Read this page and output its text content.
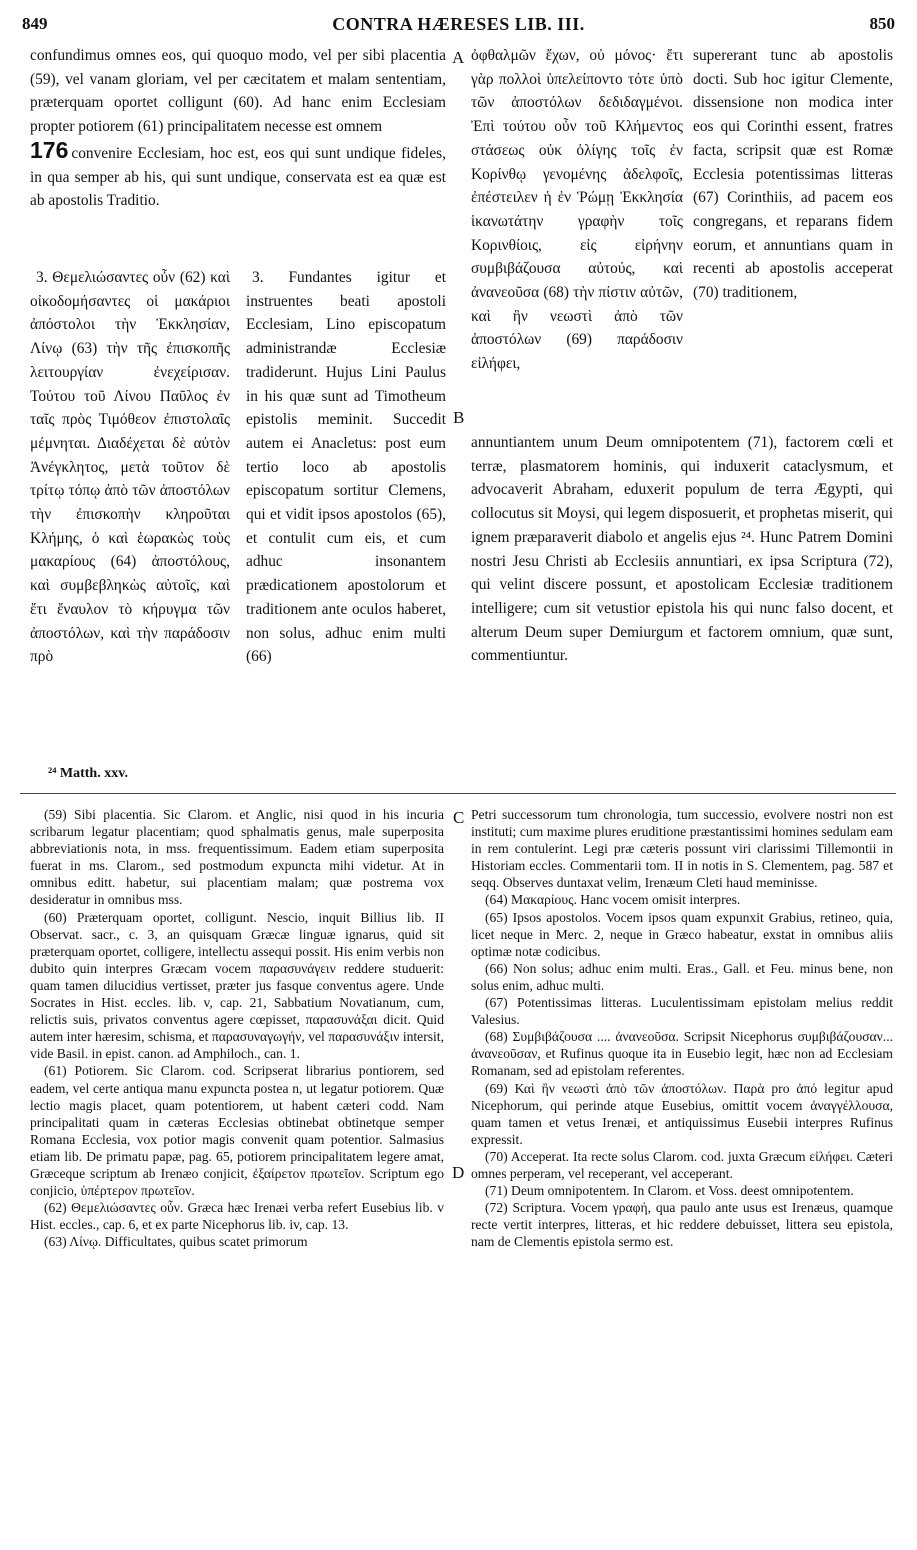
849	CONTRA HÆRESES LIB. III.	850
A
B
C
D

confundimus omnes eos, qui quoquo modo, vel per sibi placentia (59), vel vanam gloriam, vel per cæcitatem et malam sententiam, præterquam oportet colligunt (60). Ad hanc enim Ecclesiam propter potiorem (61) principalitatem necesse est omnem

176 convenire Ecclesiam, hoc est, eos qui sunt undique fideles, in qua semper ab his, qui sunt undique, conservata est ea quæ est ab apostolis Traditio.

3. Θεμελιώσαντες οὖν (62) καὶ οἰκοδομήσαντες οἱ μακάριοι ἀπόστολοι τὴν Ἐκκλησίαν, Λίνῳ (63) τὴν τῆς ἐπισκοπῆς λειτουργίαν ἐνεχείρισαν. Τούτου τοῦ Λίνου Παῦλος ἐν ταῖς πρὸς Τιμόθεον ἐπιστολαῖς μέμνηται. Διαδέχεται δὲ αὐτὸν Ἀνέγκλητος, μετὰ τοῦτον δὲ τρίτῳ τόπῳ ἀπὸ τῶν ἀποστόλων τὴν ἐπισκοπὴν κληροῦται Κλήμης, ὁ καὶ ἑωρακὼς τοὺς μακαρίους (64) ἀποστόλους, καὶ συμβεβληκὼς αὐτοῖς, καὶ ἔτι ἔναυλον τὸ κήρυγμα τῶν ἀποστόλων, καὶ τὴν παράδοσιν πρὸ
3. Fundantes igitur et instruentes beati apostoli Ecclesiam, Lino episcopatum administrandæ Ecclesiæ tradiderunt. Hujus Lini Paulus in his quæ sunt ad Timotheum epistolis meminit. Succedit autem ei Anacletus: post eum tertio loco ab apostolis episcopatum sortitur Clemens, qui et vidit ipsos apostolos (65), et contulit cum eis, et cum adhuc insonantem prædicationem apostolorum et traditionem ante oculos haberet, non solus, adhuc enim multi (66)
ὀφθαλμῶν ἔχων, οὐ μόνος· ἔτι γὰρ πολλοὶ ὑπελείποντο τότε ὑπὸ τῶν ἀποστόλων δεδιδαγμένοι. Ἐπὶ τούτου οὖν τοῦ Κλήμεντος στάσεως οὐκ ὀλίγης τοῖς ἐν Κορίνθῳ γενομένης ἀδελφοῖς, ἐπέστειλεν ἡ ἐν Ῥώμῃ Ἐκκλησία ἱκανωτάτην γραφὴν τοῖς Κορινθίοις, εἰς εἰρήνην συμβιβάζουσα αὐτούς, καὶ ἀνανεοῦσα (68) τὴν πίστιν αὐτῶν, καὶ ἣν νεωστὶ ἀπὸ τῶν ἀποστόλων (69) παράδοσιν εἰλήφει,
supererant tunc ab apostolis docti. Sub hoc igitur Clemente, dissensione non modica inter eos qui Corinthi essent, fratres facta, scripsit quæ est Romæ Ecclesia potentissimas litteras (67) Corinthiis, ad pacem eos congregans, et reparans fidem eorum, et annuntians quam in recenti ab apostolis acceperat (70) traditionem,
annuntiantem unum Deum omnipotentem (71), factorem cœli et terræ, plasmatorem hominis, qui induxerit cataclysmum, et advocaverit Abraham, eduxerit populum de terra Ægypti, qui collocutus sit Moysi, qui legem disposuerit, et prophetas miserit, qui ignem præparaverit diabolo et angelis ejus ²⁴. Hunc Patrem Domini nostri Jesu Christi ab Ecclesiis annuntiari, ex ipsa Scriptura (72), qui velint discere possunt, et apostolicam Ecclesiæ traditionem intelligere; cum sit vetustior epistola his qui nunc falso docent, et alterum Deum super Demiurgum et factorem omnium, quæ sunt, commentiuntur.
²⁴ Matth. xxv.

(59) Sibi placentia. Sic Clarom. et Anglic, nisi quod in his incuria scribarum legatur placentiam; quod sphalmatis genus, male superposita abbreviationis nota, in mss. frequentissimum. Eadem etiam superposita fuerat in ms. Clarom., sed postmodum expuncta mihi videtur. At in omnibus editt. habetur, sui placentiam malam; quæ postrema vox desideratur in omnibus mss.

(60) Præterquam oportet, colligunt. Nescio, inquit Billius lib. II Observat. sacr., c. 3, an quisquam Græcæ linguæ ignarus, quid sit præterquam oportet, colligere, intellectu assequi possit. His enim verbis non dubito quin interpres Græcam vocem παρασυνάγειν reddere studuerit: quam tamen dilucidius vertisset, præter jus fasque conventus agere. Unde Socrates in Hist. eccles. lib. v, cap. 21, Sabbatium Novatianum, cum, relictis suis, privatos conventus agere cœpisset, παρασυνάξαι dicit. Quid autem inter hæresim, schisma, et παρασυναγωγήν, vel παρασυνάξιν intersit, vide Basil. in epist. canon. ad Amphiloch., can. 1.

(61) Potiorem. Sic Clarom. cod. Scripserat librarius pontiorem, sed eadem, vel certe antiqua manu expuncta postea n, ut legatur potiorem. Quæ lectio magis placet, quam potentiorem, ut habent cæteri codd. Nam principalitati quam in cæteras Ecclesias obtinebat obtinetque semper Romana Ecclesia, vox potior magis convenit quam potentior. Salmasius etiam lib. De primatu papæ, pag. 65, potiorem principalitatem legere amat, Græceque scriptum ab Irenæo conjicit, ἐξαίρετον πρωτεῖον. Scriptum ego conjicio, ὑπέρτερον πρωτεῖον.

(62) Θεμελιώσαντες οὖν. Græca hæc Irenæi verba refert Eusebius lib. v Hist. eccles., cap. 6, et ex parte Nicephorus lib. iv, cap. 13.

(63) Λίνῳ. Difficultates, quibus scatet primorum

Petri successorum tum chronologia, tum successio, evolvere nostri non est instituti; cum maxime plures eruditione præstantissimi homines sedulam eam in rem contulerint. Legi præ cæteris possunt viri clarissimi Tillemontii in Historiam eccles. Commentarii tom. II in notis in S. Clementem, pag. 587 et seqq. Observes duntaxat velim, Irenæum Cleti haud meminisse.

(64) Μακαρίους. Hanc vocem omisit interpres.

(65) Ipsos apostolos. Vocem ipsos quam expunxit Grabius, retineo, quia, licet neque in Merc. 2, neque in Græco habeatur, exstat in omnibus aliis optimæ notæ codicibus.

(66) Non solus; adhuc enim multi. Eras., Gall. et Feu. minus bene, non solus enim, adhuc multi.

(67) Potentissimas litteras. Luculentissimam epistolam melius reddit Valesius.

(68) Συμβιβάζουσα .... ἀνανεοῦσα. Scripsit Nicephorus συμβιβάζουσαν... ἀνανεοῦσαν, et Rufinus quoque ita in Eusebio legit, hæc non ad Ecclesiam Romanam, sed ad epistolam referentes.

(69) Καὶ ἣν νεωστὶ ἀπὸ τῶν ἀποστόλων. Παρὰ pro ἀπό legitur apud Nicephorum, qui perinde atque Eusebius, omittit vocem ἀναγγέλλουσα, quam tamen et vetus Irenæi, et antiquissimus Eusebii interpres Rufinus expressit.

(70) Acceperat. Ita recte solus Clarom. cod. juxta Græcum εἰλήφει. Cæteri omnes perperam, vel receperant, vel acceperant.

(71) Deum omnipotentem. In Clarom. et Voss. deest omnipotentem.

(72) Scriptura. Vocem γραφή, qua paulo ante usus est Irenæus, quamque recte vertit interpres, litteras, et hic reddere debuisset, littera seu epistola, nam de Clementis epistola sermo est.
